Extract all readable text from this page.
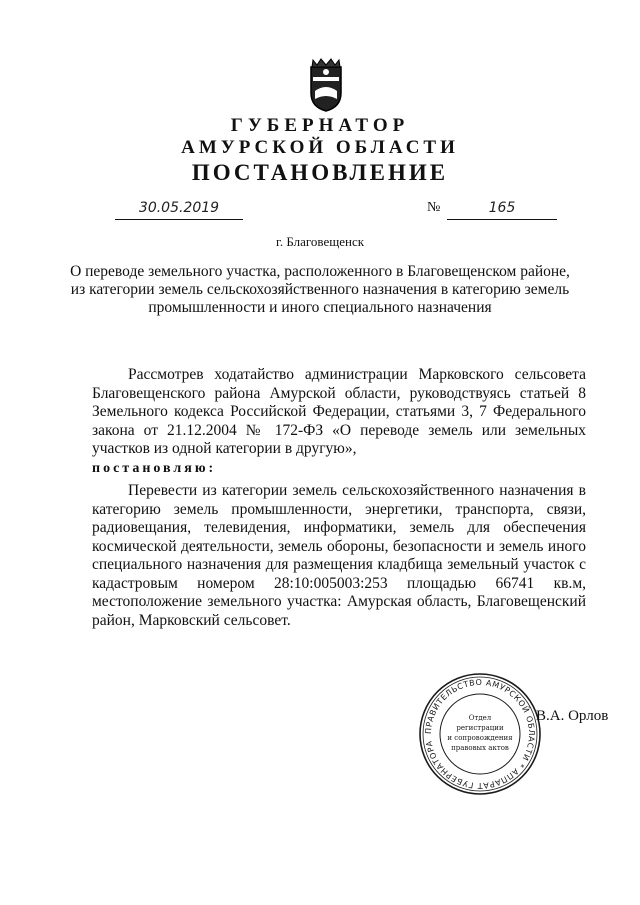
ГУБЕРНАТОР
АМУРСКОЙ ОБЛАСТИ
ПОСТАНОВЛЕНИЕ
30.05.2019	№	165
г. Благовещенск
О переводе земельного участка, расположенного в Благовещенском районе,
из категории земель сельскохозяйственного назначения в категорию земель
промышленности и иного специального назначения
Рассмотрев ходатайство администрации Марковского сельсовета Благовещенского района Амурской области, руководствуясь статьей 8 Земельного кодекса Российской Федерации, статьями 3, 7 Федерального закона от 21.12.2004 № 172-ФЗ «О переводе земель или земельных участков из одной категории в другую»,
постановляю:
Перевести из категории земель сельскохозяйственного назначения в категорию земель промышленности, энергетики, транспорта, связи, радиовещания, телевидения, информатики, земель для обеспечения космической деятельности, земель обороны, безопасности и земель иного специального назначения для размещения кладбища земельный участок с кадастровым номером 28:10:005003:253 площадью 66741 кв.м, местоположение земельного участка: Амурская область, Благовещенский район, Марковский сельсовет.
ПРАВИТЕЛЬСТВО АМУРСКОЙ ОБЛАСТИ * АППАРАТ ГУБЕРНАТОРА
Отдел
регистрации
и сопровождения
правовых актов
В.А. Орлов
